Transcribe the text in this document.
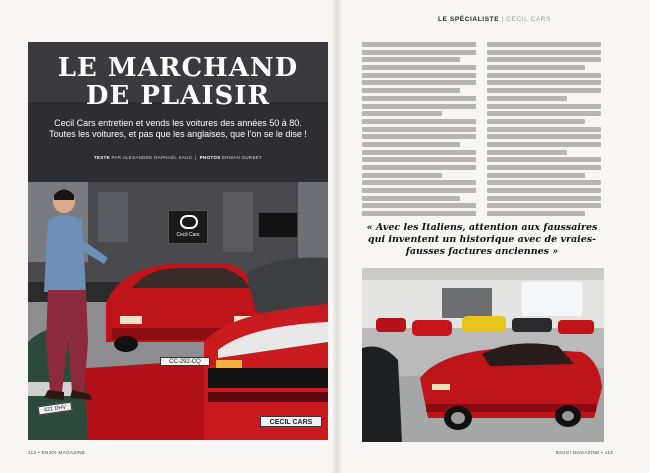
LE MARCHAND
DE PLAISIR
Cecil Cars entretien et vends les voitures des années 50 à 80. Toutes les voitures, et pas que les anglaises, que l'on se le dise !
TEXTE PAR ALEXANDRE RAPHAËL KAUS  |  PHOTOS ERWAN GURBET
Cecil Cars
CC-292-CQ
CECIL CARS
421 DHV
114 • ENJOI MAGAZINE
LE SPÉCIALISTE | CECIL CARS
« Avec les Italiens, attention aux faussaires qui inventent un historique avec de vraies-fausses factures anciennes »
ENJOI MAGAZINE • 115
